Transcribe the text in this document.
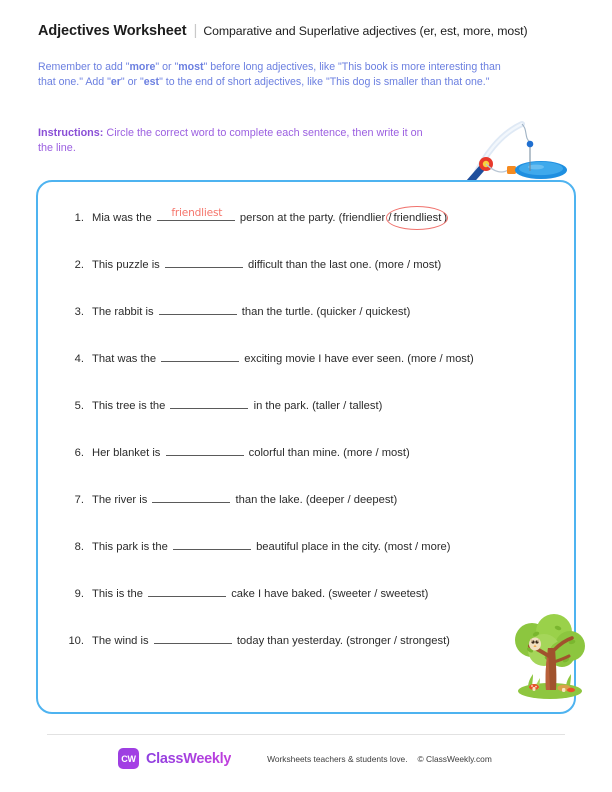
Adjectives Worksheet | Comparative and Superlative adjectives (er, est, more, most)
Remember to add "more" or "most" before long adjectives, like "This book is more interesting than that one." Add "er" or "est" to the end of short adjectives, like "This dog is smaller than that one."
Instructions: Circle the correct word to complete each sentence, then write it on the line.
1. Mia was the	friendliest	person at the party. (friendlier / friendliest )
2. This puzzle is	difficult than the last one. (more / most)
3. The rabbit is	than the turtle. (quicker / quickest)
4. That was the	exciting movie I have ever seen. (more / most)
5. This tree is the	in the park. (taller / tallest)
6. Her blanket is	colorful than mine. (more / most)
7. The river is	than the lake. (deeper / deepest)
8. This park is the	beautiful place in the city. (most / more)
9. This is the	cake I have baked. (sweeter / sweetest)
10. The wind is	today than yesterday. (stronger / strongest)
CW ClassWeekly	Worksheets teachers & students love. © ClassWeekly.com
